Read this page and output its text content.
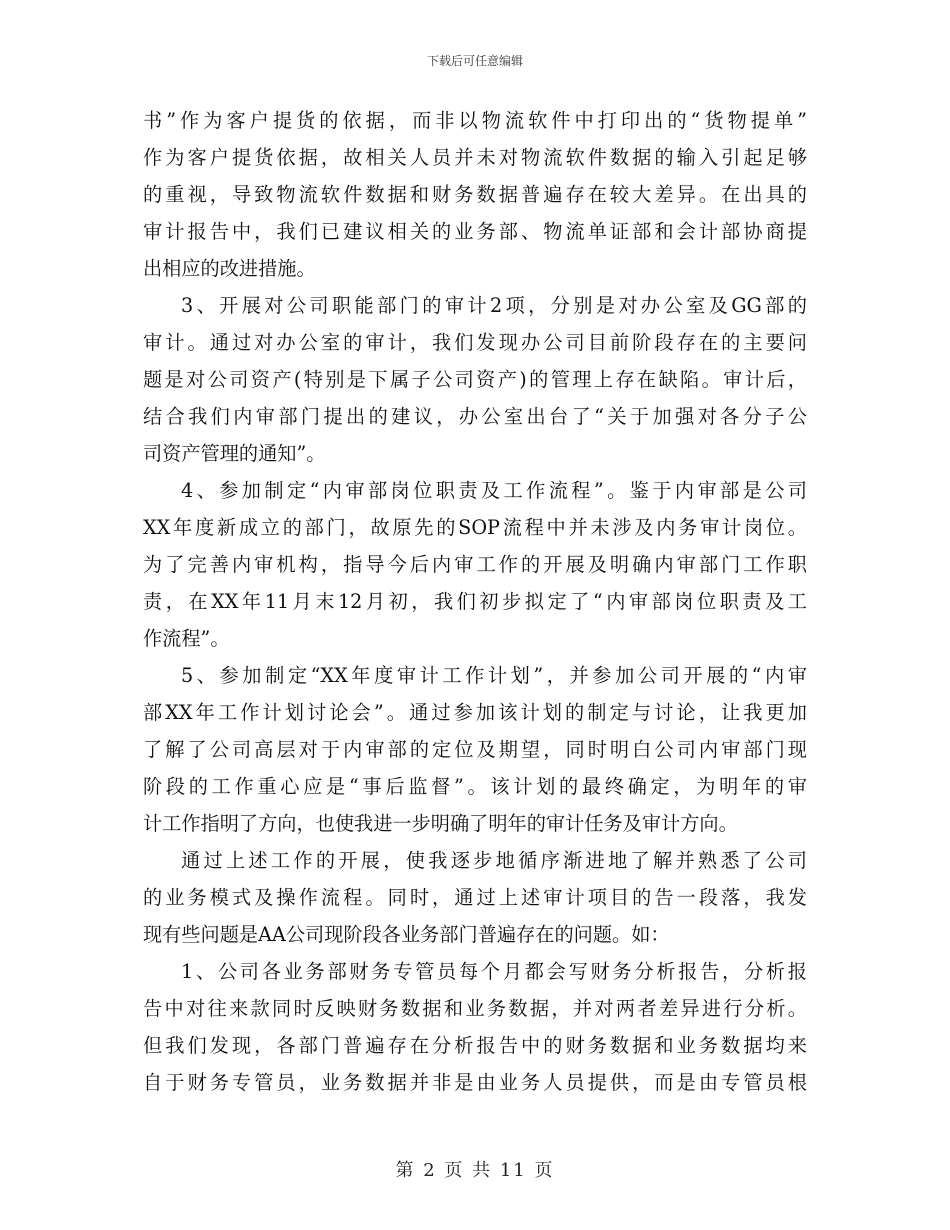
下载后可任意编辑
书”作为客户提货的依据，而非以物流软件中打印出的“货物提单”
作为客户提货依据，故相关人员并未对物流软件数据的输入引起足够
的重视，导致物流软件数据和财务数据普遍存在较大差异。在出具的
审计报告中，我们已建议相关的业务部、物流单证部和会计部协商提
出相应的改进措施。
3、开展对公司职能部门的审计2项，分别是对办公室及GG部的
审计。通过对办公室的审计，我们发现办公司目前阶段存在的主要问
题是对公司资产(特别是下属子公司资产)的管理上存在缺陷。审计后，
结合我们内审部门提出的建议，办公室出台了“关于加强对各分子公
司资产管理的通知”。
4、参加制定“内审部岗位职责及工作流程”。鉴于内审部是公司
XX年度新成立的部门，故原先的SOP流程中并未涉及内务审计岗位。
为了完善内审机构，指导今后内审工作的开展及明确内审部门工作职
责，在XX年11月末12月初，我们初步拟定了“内审部岗位职责及工
作流程”。
5、参加制定“XX年度审计工作计划”，并参加公司开展的“内审
部XX年工作计划讨论会”。通过参加该计划的制定与讨论，让我更加
了解了公司高层对于内审部的定位及期望，同时明白公司内审部门现
阶段的工作重心应是“事后监督”。该计划的最终确定，为明年的审
计工作指明了方向，也使我进一步明确了明年的审计任务及审计方向。
通过上述工作的开展，使我逐步地循序渐进地了解并熟悉了公司
的业务模式及操作流程。同时，通过上述审计项目的告一段落，我发
现有些问题是AA公司现阶段各业务部门普遍存在的问题。如：
1、公司各业务部财务专管员每个月都会写财务分析报告，分析报
告中对往来款同时反映财务数据和业务数据，并对两者差异进行分析。
但我们发现，各部门普遍存在分析报告中的财务数据和业务数据均来
自于财务专管员，业务数据并非是由业务人员提供，而是由专管员根
第 2 页 共 11 页
